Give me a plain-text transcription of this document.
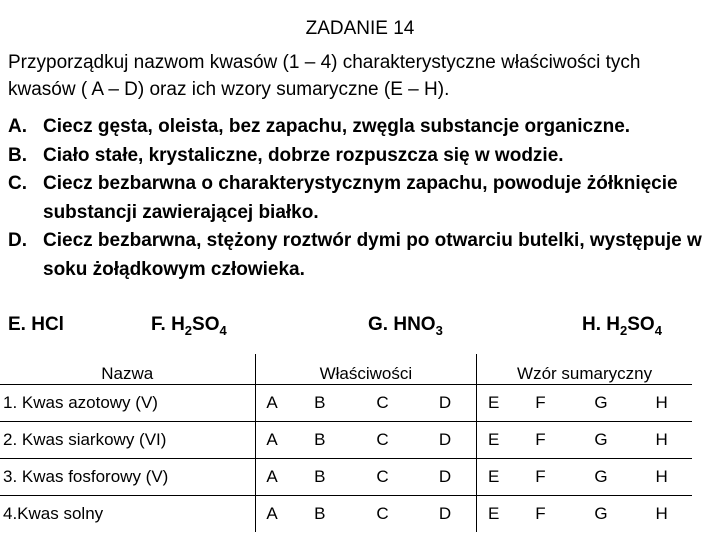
ZADANIE 14
Przyporządkuj nazwom kwasów (1 – 4) charakterystyczne właściwości tych kwasów ( A – D) oraz ich wzory sumaryczne (E – H).
A. Ciecz gęsta, oleista, bez zapachu, zwęgla substancje organiczne.
B. Ciało stałe, krystaliczne, dobrze rozpuszcza się w wodzie.
C. Ciecz bezbarwna o charakterystycznym zapachu, powoduje żółknięcie substancji zawierającej białko.
D. Ciecz bezbarwna, stężony roztwór dymi po otwarciu butelki, występuje w soku żołądkowym człowieka.
E. HCl	F. $H_2SO_4$	G. $HNO_3$	H. $H_2SO_4$
Nazwa	Właściwości				Wzór sumaryczny			
1. Kwas azotowy (V)	A	B	C	D	E	F	G	H
2. Kwas siarkowy (VI)	A	B	C	D	E	F	G	H
3. Kwas fosforowy (V)	A	B	C	D	E	F	G	H
4.Kwas solny	A	B	C	D	E	F	G	H
